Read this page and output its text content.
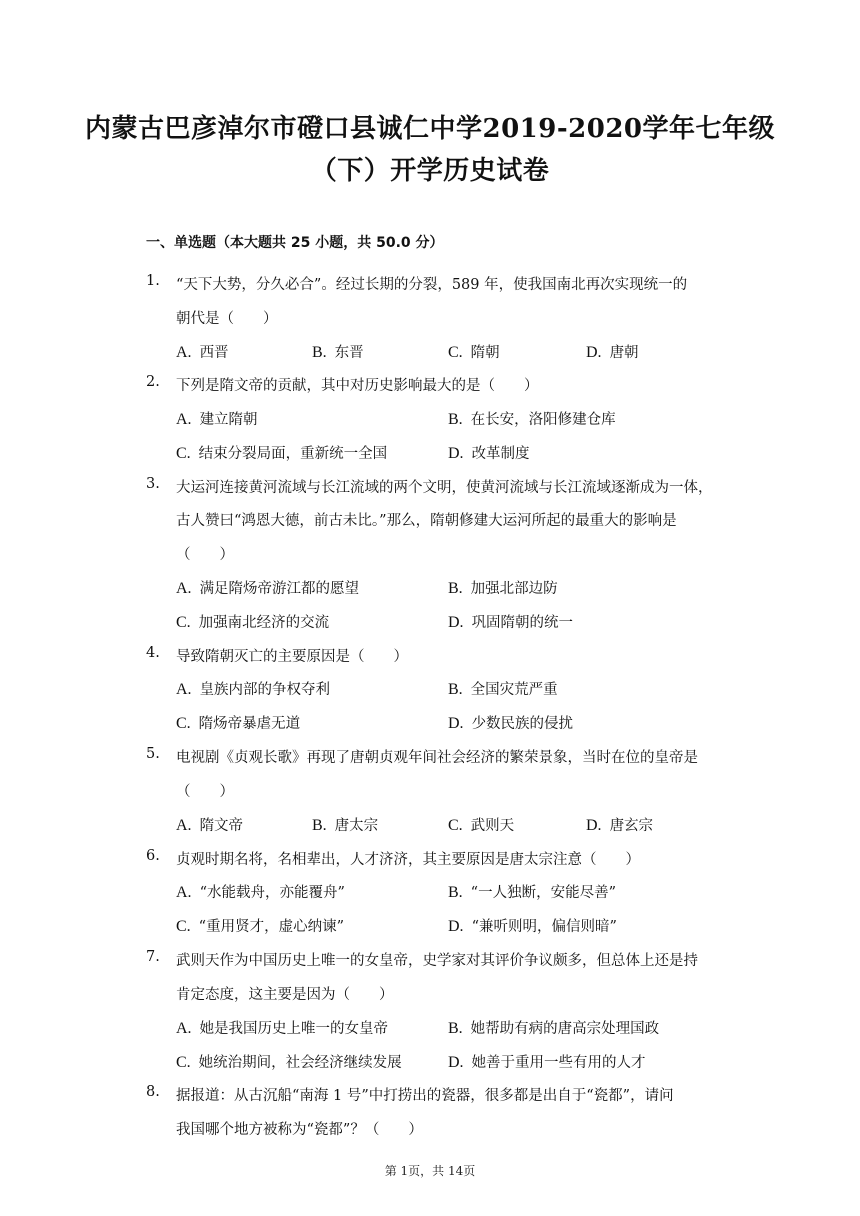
内蒙古巴彦淖尔市磴口县诚仁中学2019-2020学年七年级
（下）开学历史试卷
一、单选题（本大题共 25 小题，共 50.0 分）
1. “天下大势，分久必合”。经过长期的分裂，589 年，使我国南北再次实现统一的
朝代是（　　）
A. 西晋	B. 东晋	C. 隋朝	D. 唐朝
2. 下列是隋文帝的贡献，其中对历史影响最大的是（　　）
A. 建立隋朝	B. 在长安，洛阳修建仓库
C. 结束分裂局面，重新统一全国	D. 改革制度
3. 大运河连接黄河流域与长江流域的两个文明，使黄河流域与长江流域逐渐成为一体，
古人赞曰“鸿恩大德，前古未比。”那么，隋朝修建大运河所起的最重大的影响是
（　　）
A. 满足隋炀帝游江都的愿望	B. 加强北部边防
C. 加强南北经济的交流	D. 巩固隋朝的统一
4. 导致隋朝灭亡的主要原因是（　　）
A. 皇族内部的争权夺利	B. 全国灾荒严重
C. 隋炀帝暴虐无道	D. 少数民族的侵扰
5. 电视剧《贞观长歌》再现了唐朝贞观年间社会经济的繁荣景象，当时在位的皇帝是
（　　）
A. 隋文帝	B. 唐太宗	C. 武则天	D. 唐玄宗
6. 贞观时期名将，名相辈出，人才济济，其主要原因是唐太宗注意（　　）
A. “水能载舟，亦能覆舟”	B. “一人独断，安能尽善”
C. “重用贤才，虚心纳谏”	D. “兼听则明，偏信则暗”
7. 武则天作为中国历史上唯一的女皇帝，史学家对其评价争议颇多，但总体上还是持
肯定态度，这主要是因为（　　）
A. 她是我国历史上唯一的女皇帝	B. 她帮助有病的唐高宗处理国政
C. 她统治期间，社会经济继续发展	D. 她善于重用一些有用的人才
8. 据报道：从古沉船“南海 1 号”中打捞出的瓷器，很多都是出自于“瓷都”，请问
我国哪个地方被称为“瓷都”？（　　）
第 1页，共 14页
